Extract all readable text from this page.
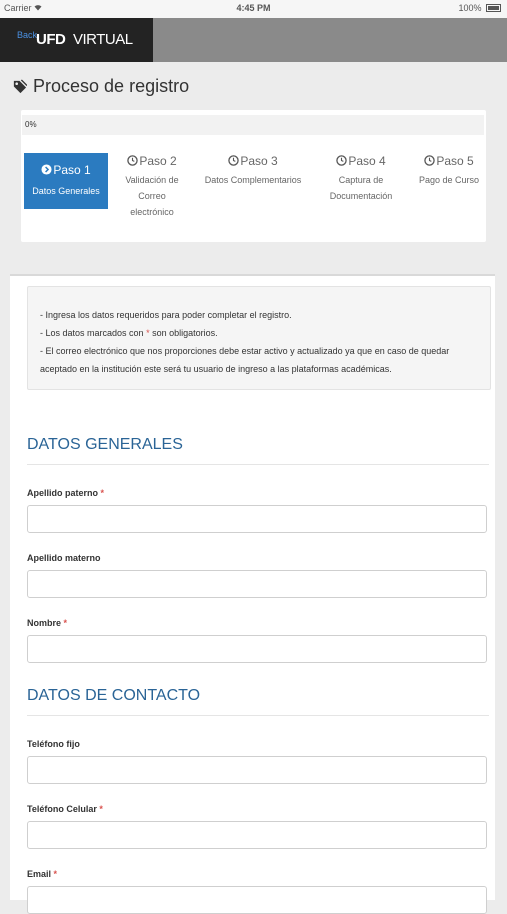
Carrier	4:45 PM	100%
Back
UFD VIRTUAL
Proceso de registro
0%
Paso 1
Datos Generales
Paso 2
Validación de Correo electrónico
Paso 3
Datos Complementarios
Paso 4
Captura de Documentación
Paso 5
Pago de Curso
- Ingresa los datos requeridos para poder completar el registro.
- Los datos marcados con * son obligatorios.
- El correo electrónico que nos proporciones debe estar activo y actualizado ya que en caso de quedar aceptado en la institución este será tu usuario de ingreso a las plataformas académicas.
DATOS GENERALES
Apellido paterno *
Apellido materno
Nombre *
DATOS DE CONTACTO
Teléfono fijo
Teléfono Celular *
Email *
